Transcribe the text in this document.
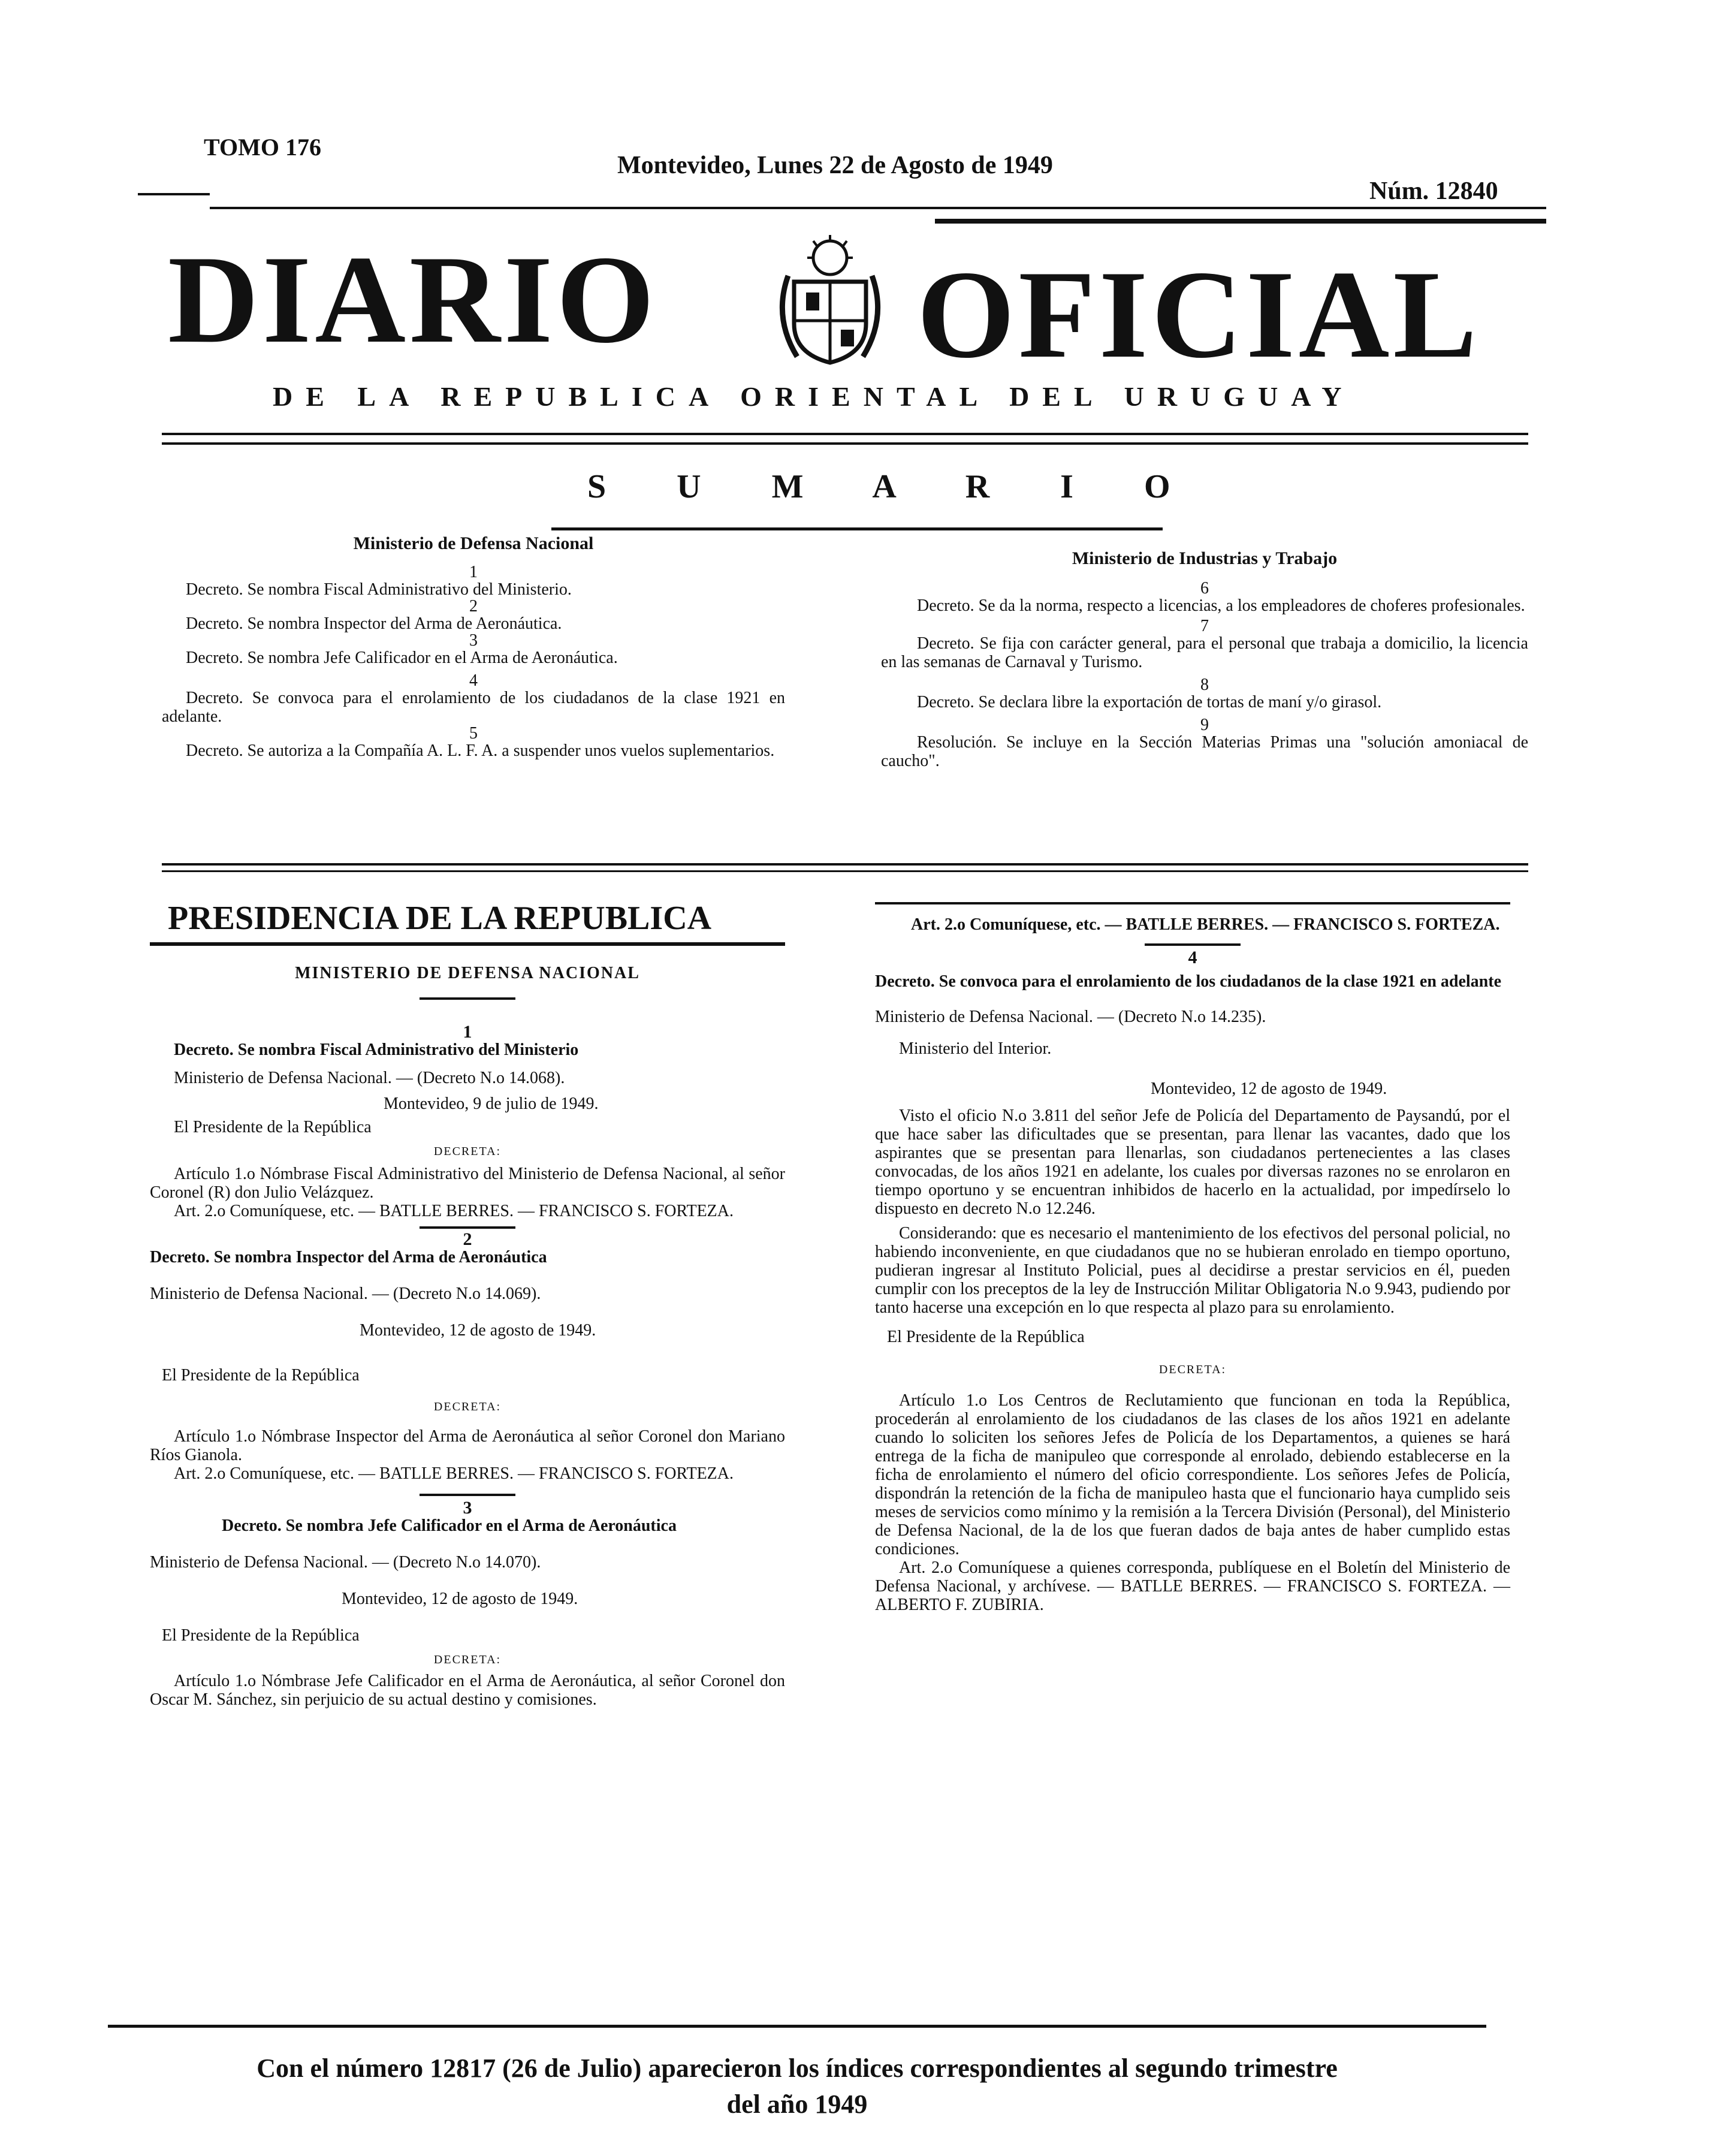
TOMO 176
Montevideo, Lunes 22 de Agosto de 1949
Núm. 12840
DIARIO OFICIAL
DE LA REPUBLICA ORIENTAL DEL URUGUAY
S U M A R I O
Ministerio de Defensa Nacional
1
Decreto. Se nombra Fiscal Administrativo del Ministerio.
2
Decreto. Se nombra Inspector del Arma de Aeronáutica.
3
Decreto. Se nombra Jefe Calificador en el Arma de Aeronáutica.
4
Decreto. Se convoca para el enrolamiento de los ciudadanos de la clase 1921 en adelante.
5
Decreto. Se autoriza a la Compañía A. L. F. A. a suspender unos vuelos suplementarios.
Ministerio de Industrias y Trabajo
6
Decreto. Se da la norma, respecto a licencias, a los empleadores de choferes profesionales.
7
Decreto. Se fija con carácter general, para el personal que trabaja a domicilio, la licencia en las semanas de Carnaval y Turismo.
8
Decreto. Se declara libre la exportación de tortas de maní y/o girasol.
9
Resolución. Se incluye en la Sección Materias Primas una "solución amoniacal de caucho".
PRESIDENCIA DE LA REPUBLICA
MINISTERIO DE DEFENSA NACIONAL
1
Decreto. Se nombra Fiscal Administrativo del Ministerio
Ministerio de Defensa Nacional. — (Decreto N.o 14.068).
Montevideo, 9 de julio de 1949.
El Presidente de la República
DECRETA:
Artículo 1.o Nómbrase Fiscal Administrativo del Ministerio de Defensa Nacional, al señor Coronel (R) don Julio Velázquez.
Art. 2.o Comuníquese, etc. — BATLLE BERRES. — FRANCISCO S. FORTEZA.
2
Decreto. Se nombra Inspector del Arma de Aeronáutica
Ministerio de Defensa Nacional. — (Decreto N.o 14.069).
Montevideo, 12 de agosto de 1949.
El Presidente de la República
DECRETA:
Artículo 1.o Nómbrase Inspector del Arma de Aeronáutica al señor Coronel don Mariano Ríos Gianola.
Art. 2.o Comuníquese, etc. — BATLLE BERRES. — FRANCISCO S. FORTEZA.
3
Decreto. Se nombra Jefe Calificador en el Arma de Aeronáutica
Ministerio de Defensa Nacional. — (Decreto N.o 14.070).
Montevideo, 12 de agosto de 1949.
El Presidente de la República
DECRETA:
Artículo 1.o Nómbrase Jefe Calificador en el Arma de Aeronáutica, al señor Coronel don Oscar M. Sánchez, sin perjuicio de su actual destino y comisiones.
Art. 2.o Comuníquese, etc. — BATLLE BERRES. — FRANCISCO S. FORTEZA.
4
Decreto. Se convoca para el enrolamiento de los ciudadanos de la clase 1921 en adelante
Ministerio de Defensa Nacional. — (Decreto N.o 14.235).
Ministerio del Interior.
Montevideo, 12 de agosto de 1949.
Visto el oficio N.o 3.811 del señor Jefe de Policía del Departamento de Paysandú, por el que hace saber las dificultades que se presentan, para llenar las vacantes, dado que los aspirantes que se presentan para llenarlas, son ciudadanos pertenecientes a las clases convocadas, de los años 1921 en adelante, los cuales por diversas razones no se enrolaron en tiempo oportuno y se encuentran inhibidos de hacerlo en la actualidad, por impedírselo lo dispuesto en decreto N.o 12.246.
Considerando: que es necesario el mantenimiento de los efectivos del personal policial, no habiendo inconveniente, en que ciudadanos que no se hubieran enrolado en tiempo oportuno, pudieran ingresar al Instituto Policial, pues al decidirse a prestar servicios en él, pueden cumplir con los preceptos de la ley de Instrucción Militar Obligatoria N.o 9.943, pudiendo por tanto hacerse una excepción en lo que respecta al plazo para su enrolamiento.
El Presidente de la República
DECRETA:
Artículo 1.o Los Centros de Reclutamiento que funcionan en toda la República, procederán al enrolamiento de los ciudadanos de las clases de los años 1921 en adelante cuando lo soliciten los señores Jefes de Policía de los Departamentos, a quienes se hará entrega de la ficha de manipuleo que corresponde al enrolado, debiendo establecerse en la ficha de enrolamiento el número del oficio correspondiente. Los señores Jefes de Policía, dispondrán la retención de la ficha de manipuleo hasta que el funcionario haya cumplido seis meses de servicios como mínimo y la remisión a la Tercera División (Personal), del Ministerio de Defensa Nacional, de la de los que fueran dados de baja antes de haber cumplido estas condiciones.
Art. 2.o Comuníquese a quienes corresponda, publíquese en el Boletín del Ministerio de Defensa Nacional, y archívese. — BATLLE BERRES. — FRANCISCO S. FORTEZA. — ALBERTO F. ZUBIRIA.
Con el número 12817 (26 de Julio) aparecieron los índices correspondientes al segundo trimestre
del año 1949
